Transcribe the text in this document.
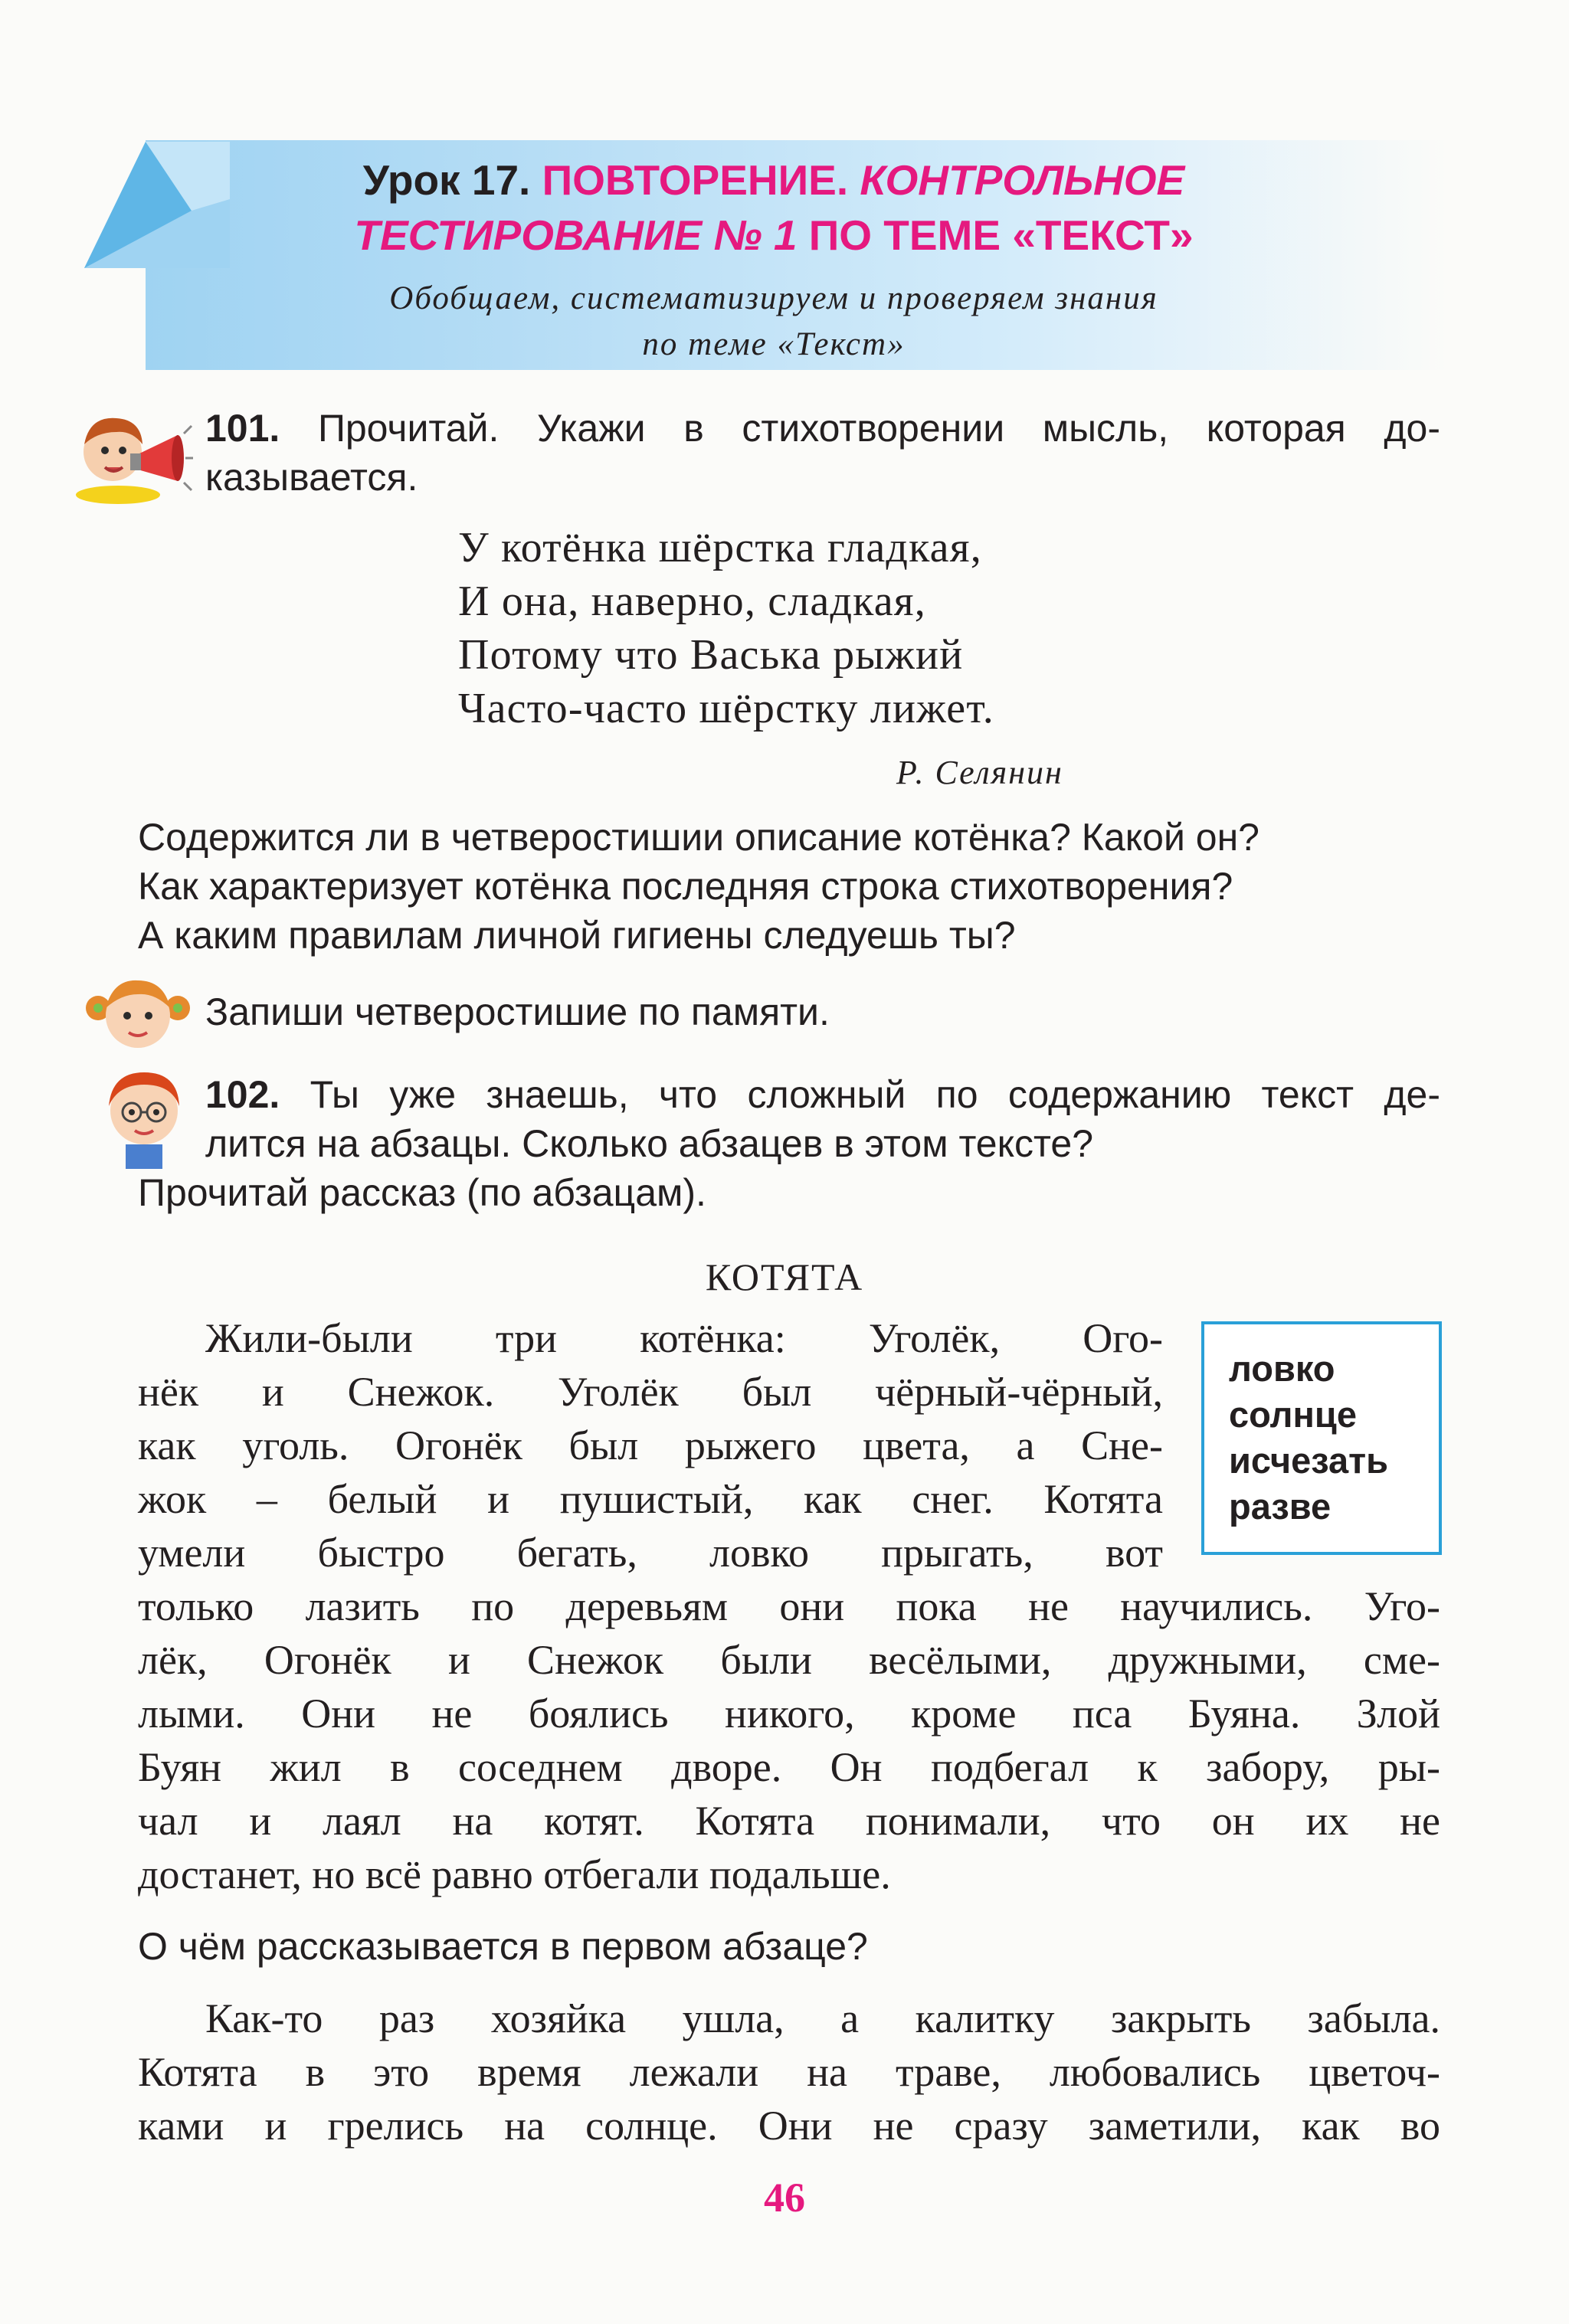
Урок 17. ПОВТОРЕНИЕ. КОНТРОЛЬНОЕ
ТЕСТИРОВАНИЕ № 1 ПО ТЕМЕ «ТЕКСТ»
Обобщаем, систематизируем и проверяем знания
по теме «Текст»
101. Прочитай. Укажи в стихотворении мысль, которая до-
казывается.
У котёнка шёрстка гладкая,
И она, наверно, сладкая,
Потому что Васька рыжий
Часто-часто шёрстку лижет.
Р. Селянин
Содержится ли в четверостишии описание котёнка? Какой он?
Как характеризует котёнка последняя строка стихотворения?
А каким правилам личной гигиены следуешь ты?
Запиши четверостишие по памяти.
102. Ты уже знаешь, что сложный по содержанию текст де-
лится на абзацы. Сколько абзацев в этом тексте?
Прочитай рассказ (по абзацам).
КОТЯТА
Жили-были три котёнка: Уголёк, Ого-
нёк и Снежок. Уголёк был чёрный-чёрный,
как уголь. Огонёк был рыжего цвета, а Сне-
жок – белый и пушистый, как снег. Котята
умели быстро бегать, ловко прыгать, вот
только лазить по деревьям они пока не научились. Уго-
лёк, Огонёк и Снежок были весёлыми, дружными, сме-
лыми. Они не боялись никого, кроме пса Буяна. Злой
Буян жил в соседнем дворе. Он подбегал к забору, ры-
чал и лаял на котят. Котята понимали, что он их не
достанет, но всё равно отбегали подальше.
ловко
солнце
исчезать
разве
О чём рассказывается в первом абзаце?
Как-то раз хозяйка ушла, а калитку закрыть забыла.
Котята в это время лежали на траве, любовались цветоч-
ками и грелись на солнце. Они не сразу заметили, как во
46
